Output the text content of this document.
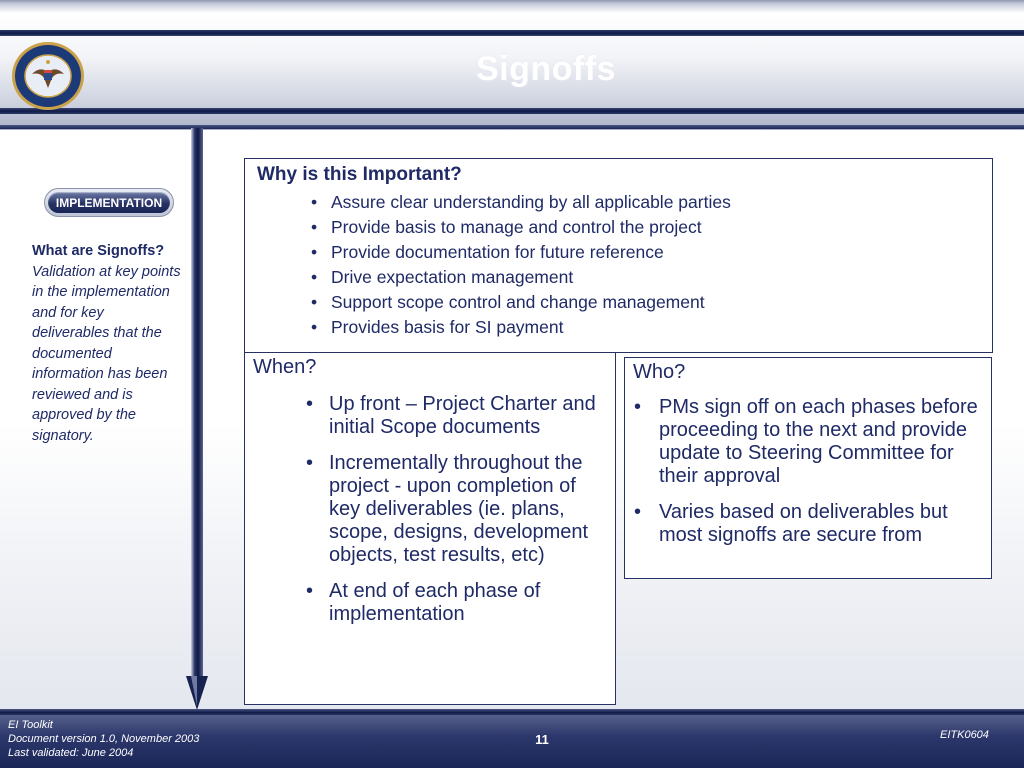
Signoffs
IMPLEMENTATION
What are Signoffs?
Validation at key points in the implementation and for key deliverables that the documented information has been reviewed and is approved by the signatory.
Why is this Important?
• Assure clear understanding by all applicable parties
• Provide basis to manage and control the project
• Provide documentation for future reference
• Drive expectation management
• Support scope control and change management
• Provides basis for SI payment
When?
• Up front – Project Charter and initial Scope documents
• Incrementally throughout the project - upon completion of key deliverables (ie. plans, scope, designs, development objects, test results, etc)
• At end of each phase of implementation
Who?
• PMs sign off on each phases before proceeding to the next and provide update to Steering Committee for their approval
• Varies based on deliverables but most signoffs are secure from
EI Toolkit
Document version 1.0, November 2003
Last validated: June 2004
11	EITK0604
